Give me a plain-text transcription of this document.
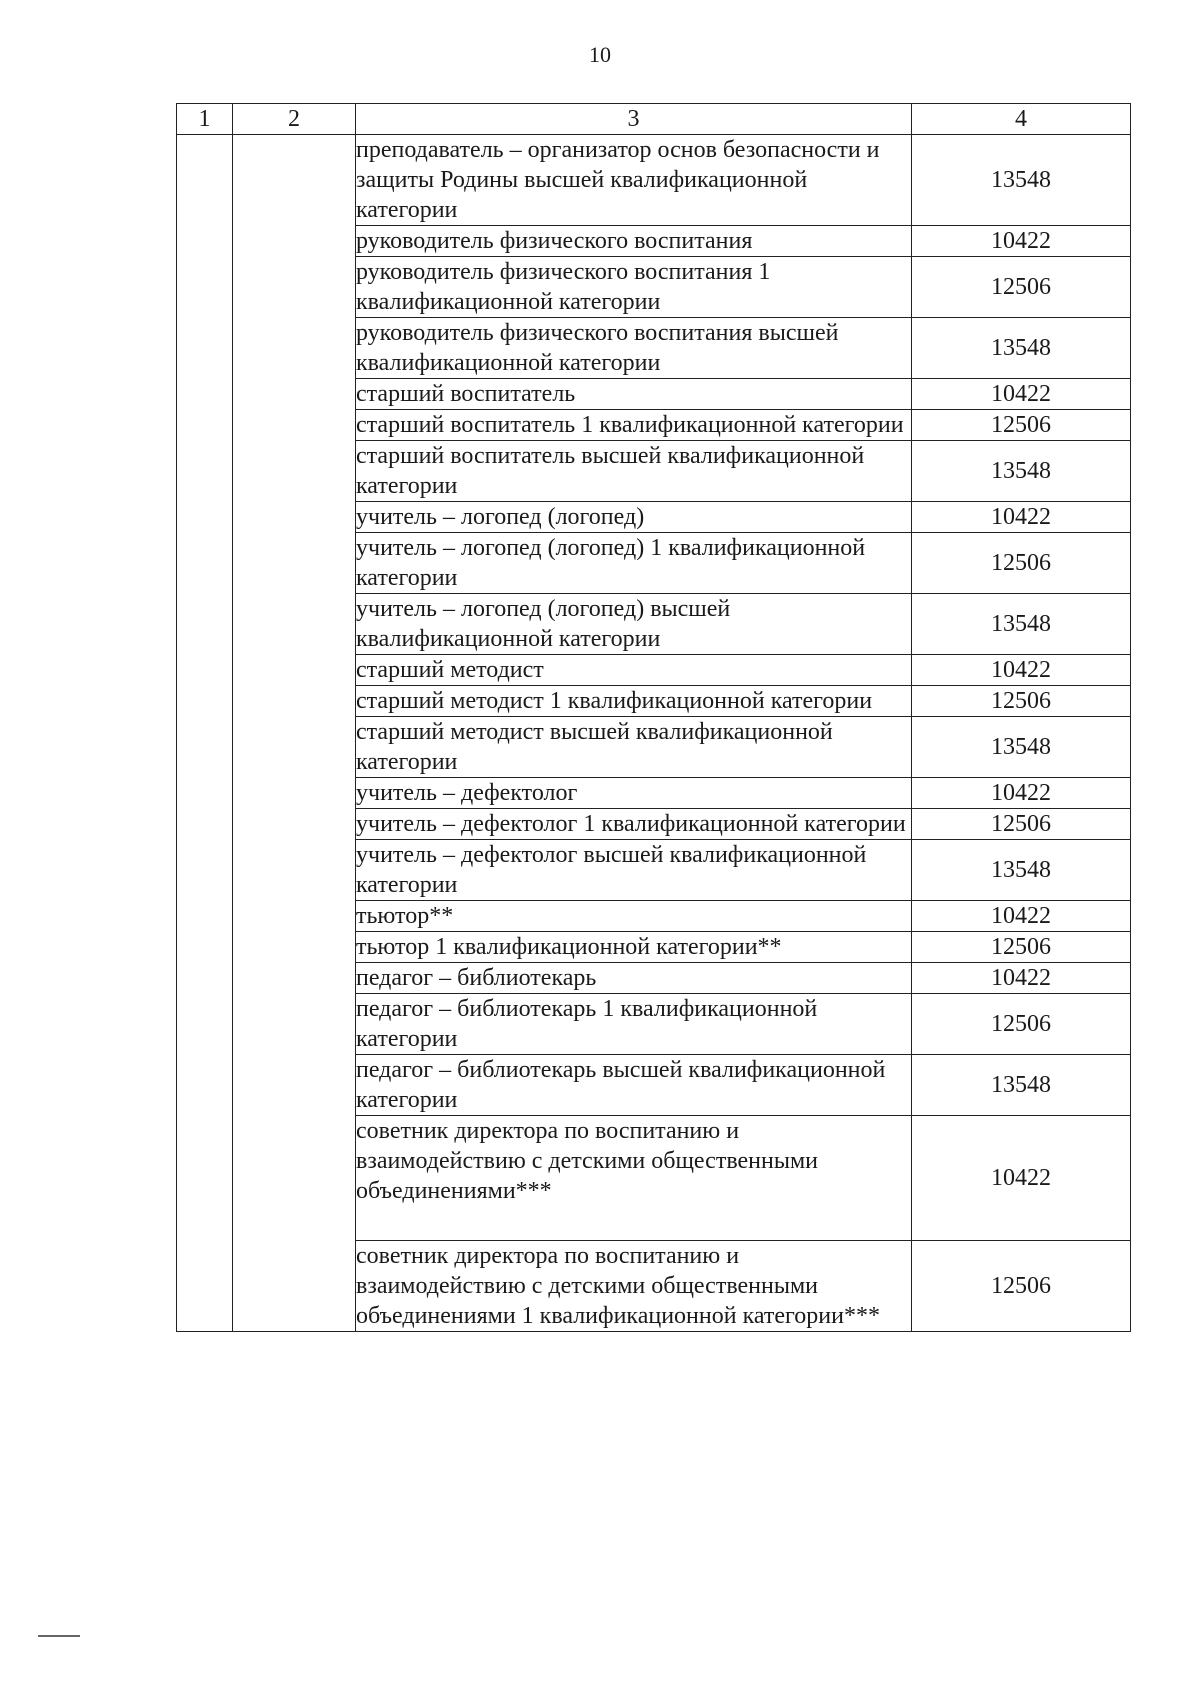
10
1	2	3	4
		преподаватель – организатор основ безопасности и защиты Родины высшей квалификационной категории	13548
		руководитель физического воспитания	10422
		руководитель физического воспитания 1 квалификационной категории	12506
		руководитель физического воспитания высшей квалификационной категории	13548
		старший воспитатель	10422
		старший воспитатель 1 квалификационной категории	12506
		старший воспитатель высшей квалификационной категории	13548
		учитель – логопед (логопед)	10422
		учитель – логопед (логопед) 1 квалификационной категории	12506
		учитель – логопед (логопед) высшей квалификационной категории	13548
		старший методист	10422
		старший методист 1 квалификационной категории	12506
		старший методист высшей квалификационной категории	13548
		учитель – дефектолог	10422
		учитель – дефектолог 1 квалификационной категории	12506
		учитель – дефектолог высшей квалификационной категории	13548
		тьютор**	10422
		тьютор 1 квалификационной категории**	12506
		педагог – библиотекарь	10422
		педагог – библиотекарь 1 квалификационной категории	12506
		педагог – библиотекарь высшей квалификационной категории	13548
		советник директора по воспитанию и взаимодействию с детскими общественными объединениями***	10422
		советник директора по воспитанию и взаимодействию с детскими общественными объединениями 1 квалификационной категории***	12506
